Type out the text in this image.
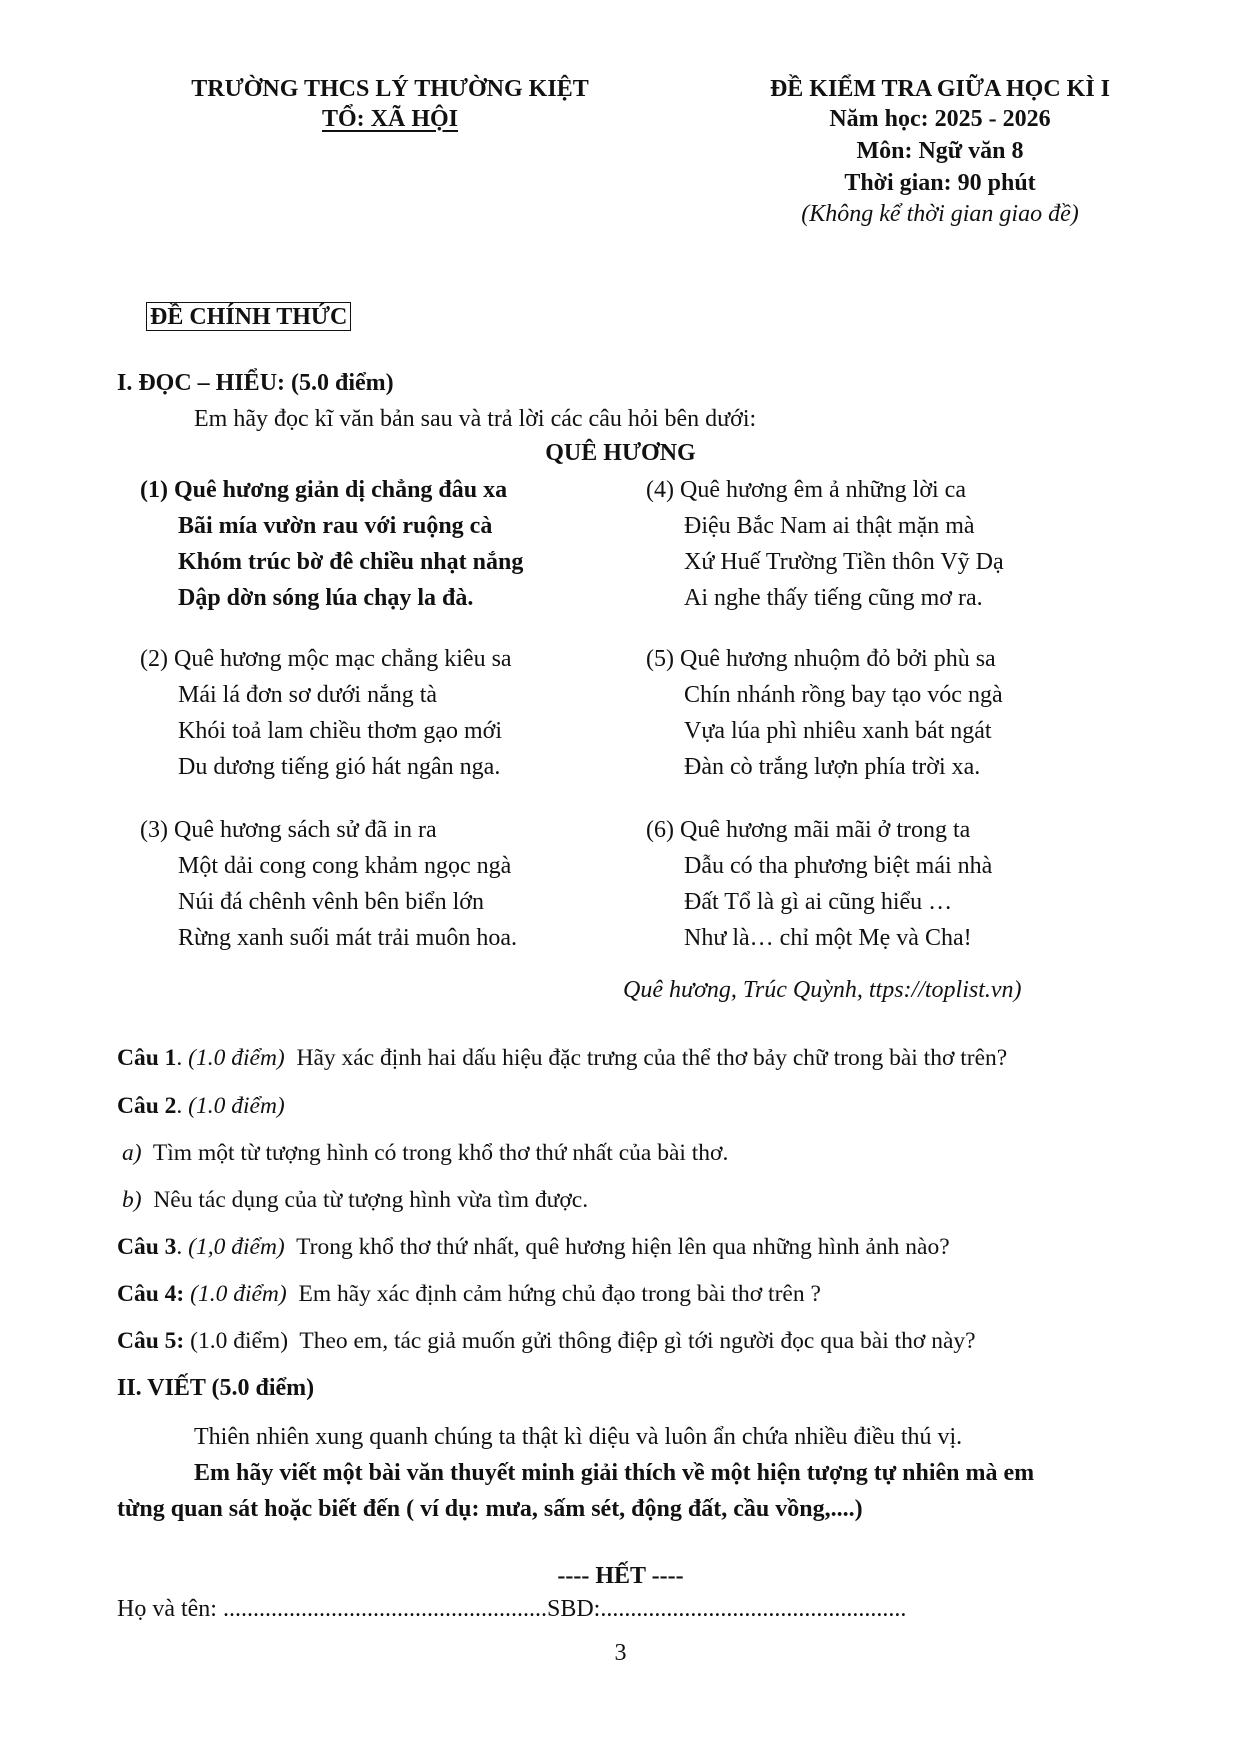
TRƯỜNG THCS LÝ THƯỜNG KIỆT
TỔ: XÃ HỘI
ĐỀ KIỂM TRA GIỮA HỌC KÌ I
Năm học: 2025 - 2026
Môn: Ngữ văn 8
Thời gian: 90 phút
(Không kể thời gian giao đề)
ĐỀ CHÍNH THỨC
I. ĐỌC – HIỂU: (5.0 điểm)
Em hãy đọc kĩ văn bản sau và trả lời các câu hỏi bên dưới:
QUÊ HƯƠNG
(1) Quê hương giản dị chẳng đâu xa
Bãi mía vườn rau với ruộng cà
Khóm trúc bờ đê chiều nhạt nắng
Dập dờn sóng lúa chạy la đà.
(2) Quê hương mộc mạc chẳng kiêu sa
Mái lá đơn sơ dưới nắng tà
Khói toả lam chiều thơm gạo mới
Du dương tiếng gió hát ngân nga.
(3) Quê hương sách sử đã in ra
Một dải cong cong khảm ngọc ngà
Núi đá chênh vênh bên biển lớn
Rừng xanh suối mát trải muôn hoa.
(4) Quê hương êm ả những lời ca
Điệu Bắc Nam ai thật mặn mà
Xứ Huế Trường Tiền thôn Vỹ Dạ
Ai nghe thấy tiếng cũng mơ ra.
(5) Quê hương nhuộm đỏ bởi phù sa
Chín nhánh rồng bay tạo vóc ngà
Vựa lúa phì nhiêu xanh bát ngát
Đàn cò trắng lượn phía trời xa.
(6) Quê hương mãi mãi ở trong ta
Dẫu có tha phương biệt mái nhà
Đất Tổ là gì ai cũng hiểu …
Như là… chỉ một Mẹ và Cha!
Quê hương, Trúc Quỳnh, ttps://toplist.vn)
Câu 1. (1.0 điểm) Hãy xác định hai dấu hiệu đặc trưng của thể thơ bảy chữ trong bài thơ trên?
Câu 2. (1.0 điểm)
a) Tìm một từ tượng hình có trong khổ thơ thứ nhất của bài thơ.
b) Nêu tác dụng của từ tượng hình vừa tìm được.
Câu 3. (1,0 điểm) Trong khổ thơ thứ nhất, quê hương hiện lên qua những hình ảnh nào?
Câu 4: (1.0 điểm) Em hãy xác định cảm hứng chủ đạo trong bài thơ trên ?
Câu 5: (1.0 điểm) Theo em, tác giả muốn gửi thông điệp gì tới người đọc qua bài thơ này?
II. VIẾT (5.0 điểm)
Thiên nhiên xung quanh chúng ta thật kì diệu và luôn ẩn chứa nhiều điều thú vị.
Em hãy viết một bài văn thuyết minh giải thích về một hiện tượng tự nhiên mà em
từng quan sát hoặc biết đến ( ví dụ: mưa, sấm sét, động đất, cầu vồng,....)
---- HẾT ----
Họ và tên: ......................................................SBD:...................................................
3
